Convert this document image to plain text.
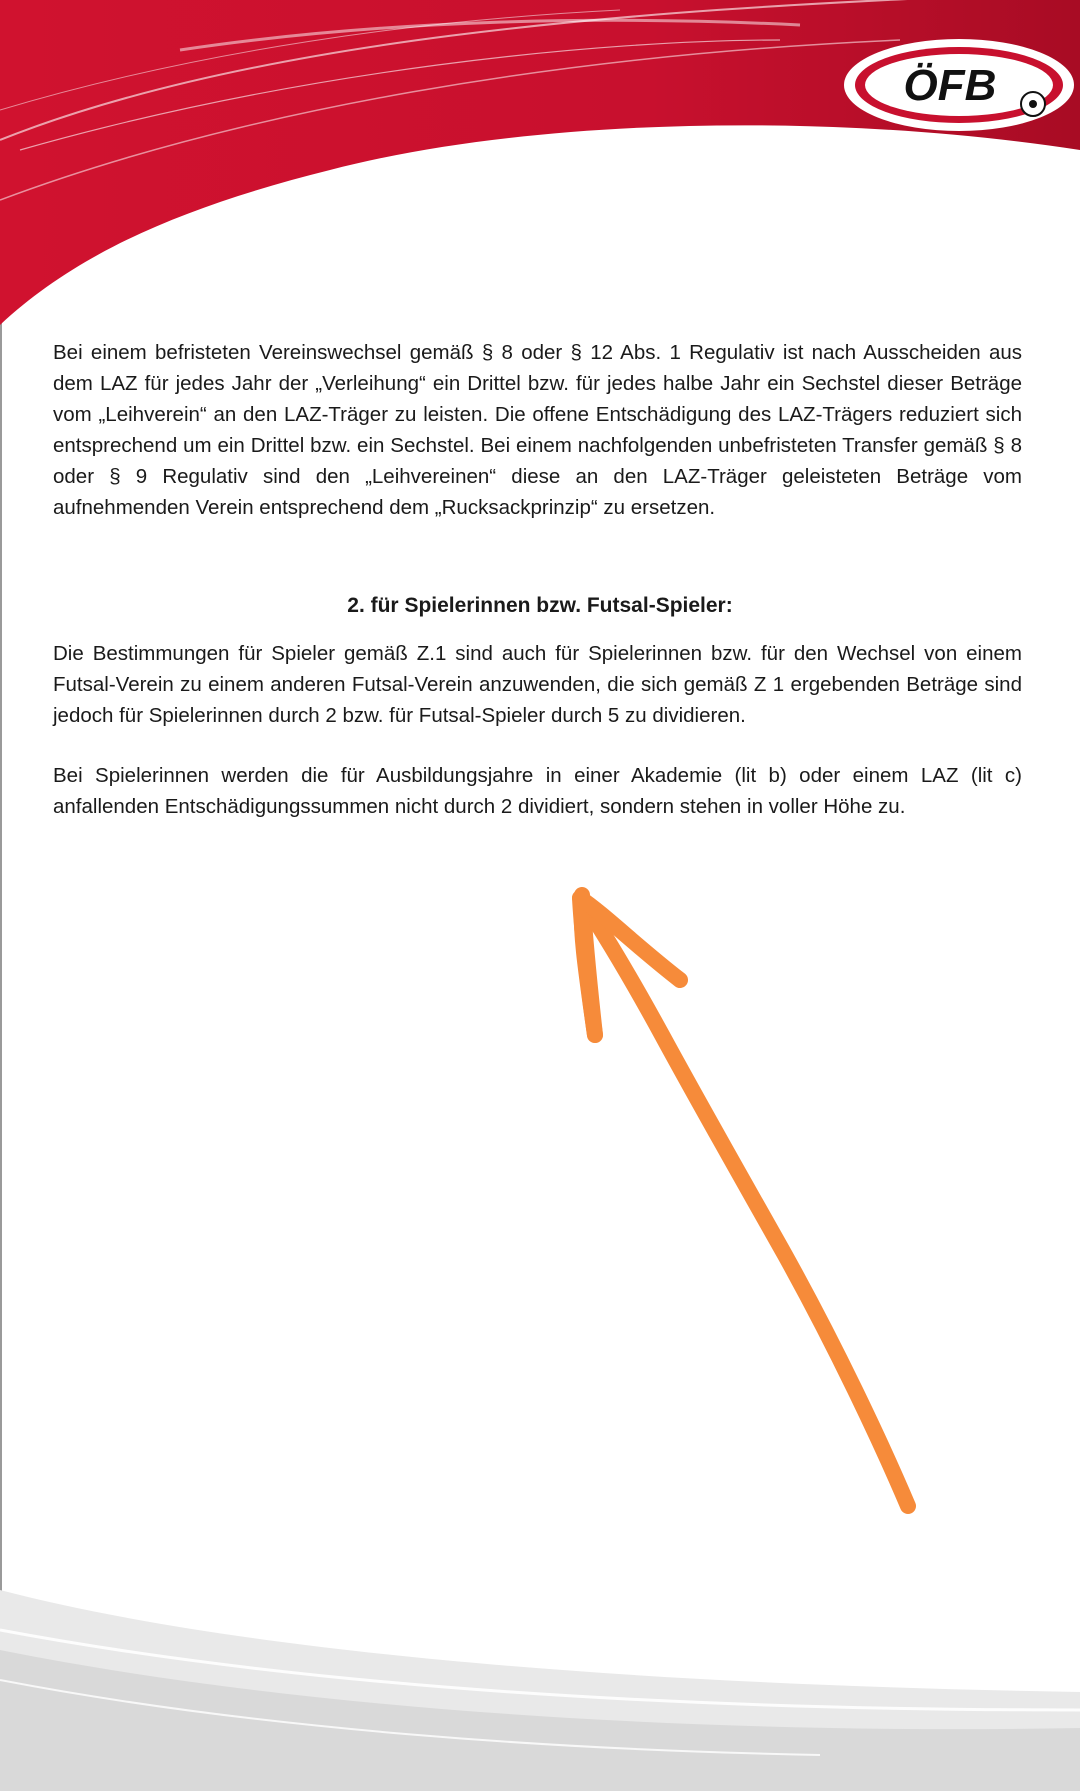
ÖFB
Bei einem befristeten Vereinswechsel gemäß § 8 oder § 12 Abs. 1 Regulativ ist nach Ausscheiden aus dem LAZ für jedes Jahr der „Verleihung“ ein Drittel bzw. für jedes halbe Jahr ein Sechstel dieser Beträge vom „Leihverein“ an den LAZ-Träger zu leisten. Die offene Entschädigung des LAZ-Trägers reduziert sich entsprechend um ein Drittel bzw. ein Sechstel. Bei einem nachfolgenden unbefristeten Transfer gemäß § 8 oder § 9 Regulativ sind den „Leihvereinen“ diese an den LAZ-Träger geleisteten Beträge vom aufnehmenden Verein entsprechend dem „Rucksackprinzip“ zu ersetzen.
2. für Spielerinnen bzw. Futsal-Spieler:
Die Bestimmungen für Spieler gemäß Z.1 sind auch für Spielerinnen bzw. für den Wechsel von einem Futsal-Verein zu einem anderen Futsal-Verein anzuwenden, die sich gemäß Z 1 ergebenden Beträge sind jedoch für Spielerinnen durch 2 bzw. für Futsal-Spieler durch 5 zu dividieren.
Bei Spielerinnen werden die für Ausbildungsjahre in einer Akademie (lit b) oder einem LAZ (lit c) anfallenden Entschädigungssummen nicht durch 2 dividiert, sondern stehen in voller Höhe zu.
